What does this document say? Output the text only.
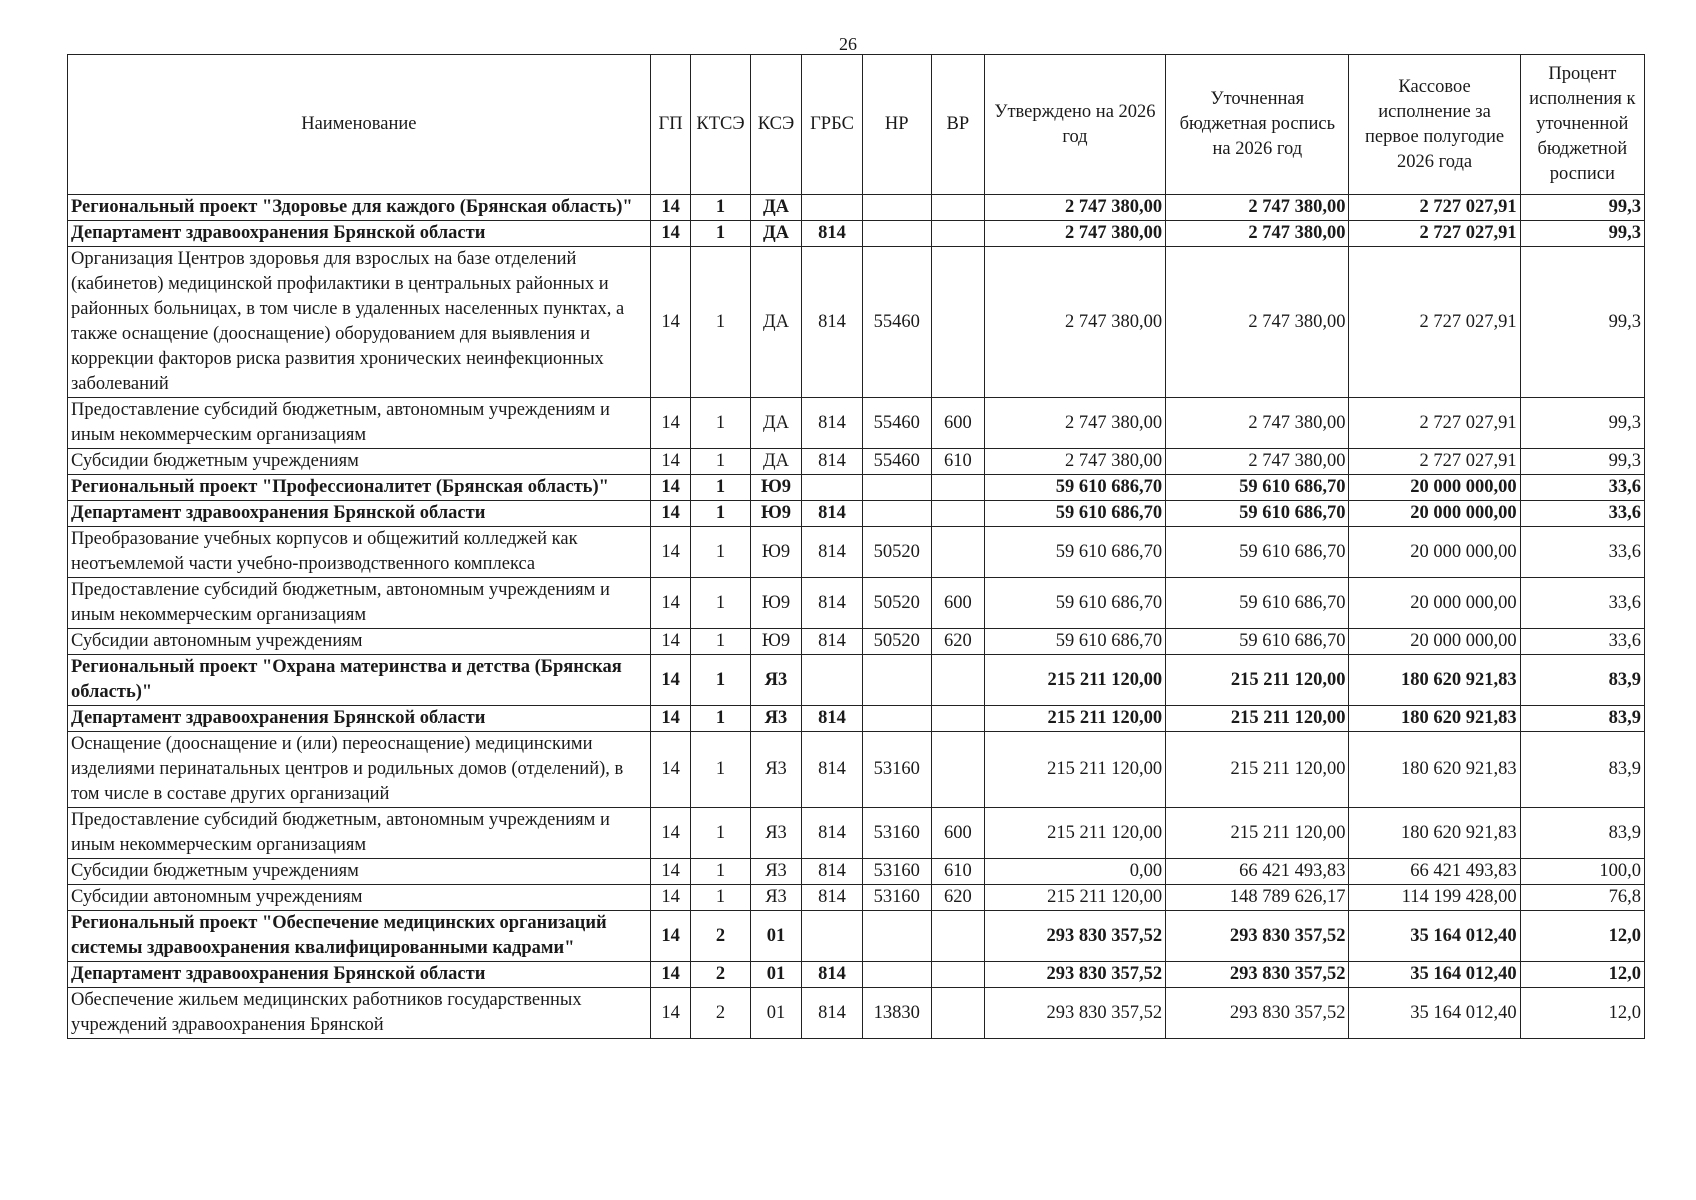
26
Наименование	ГП	КТСЭ	КСЭ	ГРБС	НР	ВР	Утверждено на 2026 год	Уточненная бюджетная роспись на 2026 год	Кассовое исполнение за первое полугодие 2026 года	Процент исполнения к уточненной бюджетной росписи
Региональный проект "Здоровье для каждого (Брянская область)"	14	1	ДА				2 747 380,00	2 747 380,00	2 727 027,91	99,3
Департамент здравоохранения Брянской области	14	1	ДА	814			2 747 380,00	2 747 380,00	2 727 027,91	99,3
Организация Центров здоровья для взрослых на базе отделений (кабинетов) медицинской профилактики в центральных районных и районных больницах, в том числе в удаленных населенных пунктах, а также оснащение (дооснащение) оборудованием для выявления и коррекции факторов риска развития хронических неинфекционных заболеваний	14	1	ДА	814	55460		2 747 380,00	2 747 380,00	2 727 027,91	99,3
Предоставление субсидий бюджетным, автономным учреждениям и иным некоммерческим организациям	14	1	ДА	814	55460	600	2 747 380,00	2 747 380,00	2 727 027,91	99,3
Субсидии бюджетным учреждениям	14	1	ДА	814	55460	610	2 747 380,00	2 747 380,00	2 727 027,91	99,3
Региональный проект "Профессионалитет (Брянская область)"	14	1	Ю9				59 610 686,70	59 610 686,70	20 000 000,00	33,6
Департамент здравоохранения Брянской области	14	1	Ю9	814			59 610 686,70	59 610 686,70	20 000 000,00	33,6
Преобразование учебных корпусов и общежитий колледжей как неотъемлемой части учебно-производственного комплекса	14	1	Ю9	814	50520		59 610 686,70	59 610 686,70	20 000 000,00	33,6
Предоставление субсидий бюджетным, автономным учреждениям и иным некоммерческим организациям	14	1	Ю9	814	50520	600	59 610 686,70	59 610 686,70	20 000 000,00	33,6
Субсидии автономным учреждениям	14	1	Ю9	814	50520	620	59 610 686,70	59 610 686,70	20 000 000,00	33,6
Региональный проект "Охрана материнства и детства (Брянская область)"	14	1	Я3				215 211 120,00	215 211 120,00	180 620 921,83	83,9
Департамент здравоохранения Брянской области	14	1	Я3	814			215 211 120,00	215 211 120,00	180 620 921,83	83,9
Оснащение (дооснащение и (или) переоснащение) медицинскими изделиями перинатальных центров и родильных домов (отделений), в том числе в составе других организаций	14	1	Я3	814	53160		215 211 120,00	215 211 120,00	180 620 921,83	83,9
Предоставление субсидий бюджетным, автономным учреждениям и иным некоммерческим организациям	14	1	Я3	814	53160	600	215 211 120,00	215 211 120,00	180 620 921,83	83,9
Субсидии бюджетным учреждениям	14	1	Я3	814	53160	610	0,00	66 421 493,83	66 421 493,83	100,0
Субсидии автономным учреждениям	14	1	Я3	814	53160	620	215 211 120,00	148 789 626,17	114 199 428,00	76,8
Региональный проект "Обеспечение медицинских организаций системы здравоохранения квалифицированными кадрами"	14	2	01				293 830 357,52	293 830 357,52	35 164 012,40	12,0
Департамент здравоохранения Брянской области	14	2	01	814			293 830 357,52	293 830 357,52	35 164 012,40	12,0
Обеспечение жильем медицинских работников государственных учреждений здравоохранения Брянской	14	2	01	814	13830		293 830 357,52	293 830 357,52	35 164 012,40	12,0
